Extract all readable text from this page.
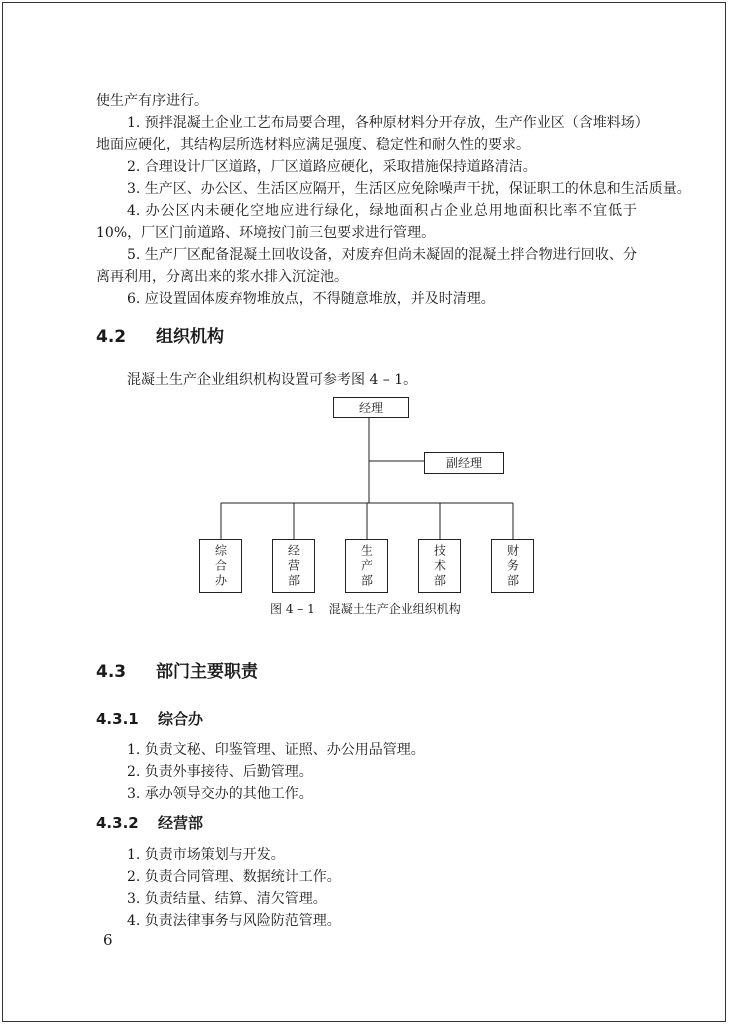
使生产有序进行。

1. 预拌混凝土企业工艺布局要合理，各种原材料分开存放，生产作业区（含堆料场）

地面应硬化，其结构层所选材料应满足强度、稳定性和耐久性的要求。

2. 合理设计厂区道路，厂区道路应硬化，采取措施保持道路清洁。

3. 生产区、办公区、生活区应隔开，生活区应免除噪声干扰，保证职工的休息和生活质量。

4. 办公区内未硬化空地应进行绿化，绿地面积占企业总用地面积比率不宜低于

10%，厂区门前道路、环境按门前三包要求进行管理。

5. 生产厂区配备混凝土回收设备，对废弃但尚未凝固的混凝土拌合物进行回收、分

离再利用，分离出来的浆水排入沉淀池。

6. 应设置固体废弃物堆放点，不得随意堆放，并及时清理。

4.2 组织机构

混凝土生产企业组织机构设置可参考图 4 – 1。

经理
副经理
综合办	经营部	生产部	技术部	财务部
图 4 – 1 混凝土生产企业组织机构
4.3 部门主要职责
4.3.1 综合办

1. 负责文秘、印鉴管理、证照、办公用品管理。

2. 负责外事接待、后勤管理。

3. 承办领导交办的其他工作。

4.3.2 经营部

1. 负责市场策划与开发。

2. 负责合同管理、数据统计工作。

3. 负责结量、结算、清欠管理。

4. 负责法律事务与风险防范管理。

6
